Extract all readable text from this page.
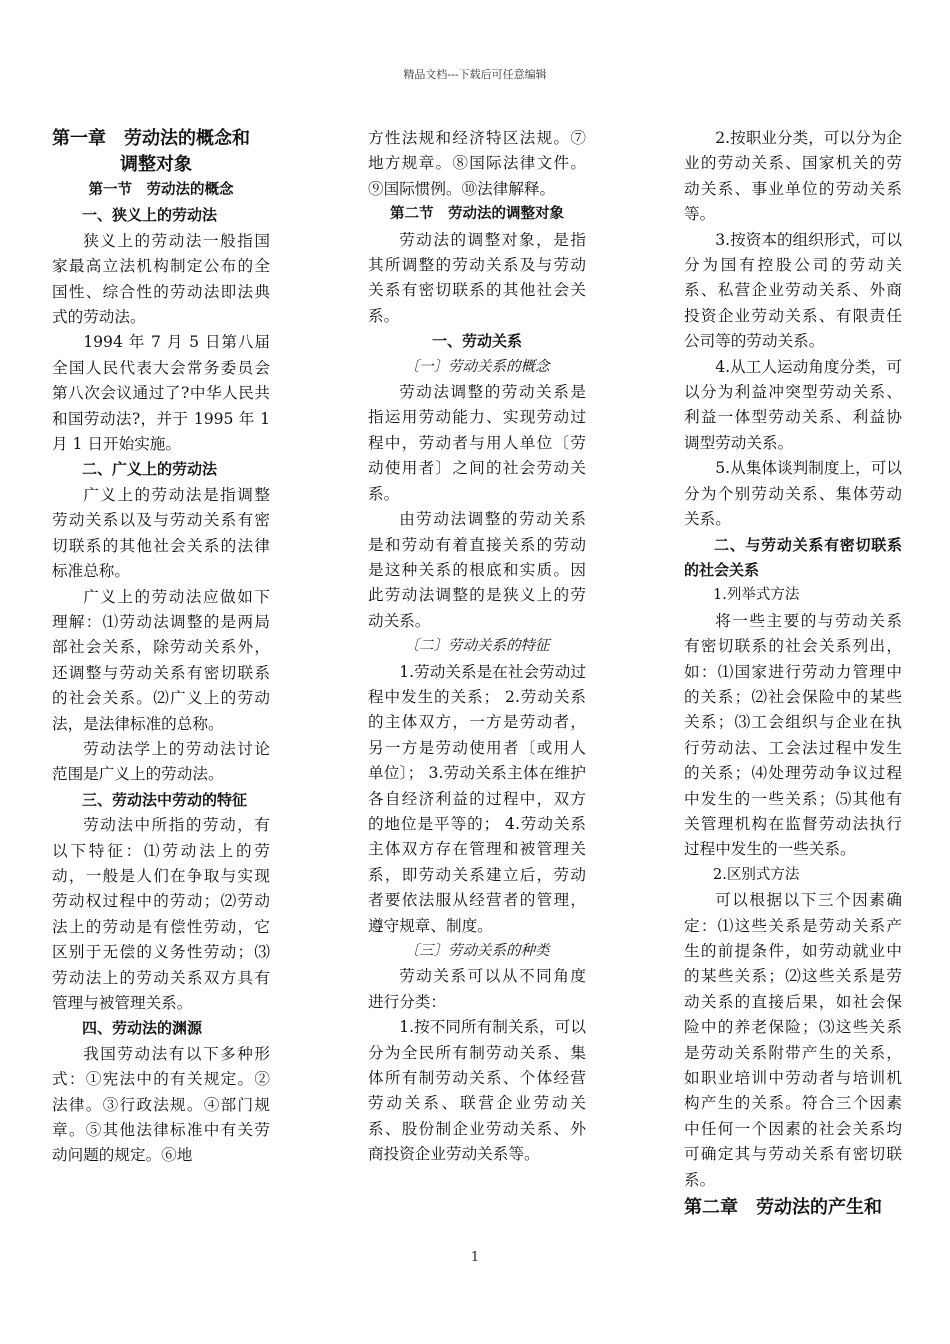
精品文档---下载后可任意编辑
第一章　劳动法的概念和
调整对象
第一节　劳动法的概念
一、狭义上的劳动法

狭义上的劳动法一般指国家最高立法机构制定公布的全国性、综合性的劳动法即法典式的劳动法。

1994 年 7 月 5 日第八届全国人民代表大会常务委员会第八次会议通过了?中华人民共和国劳动法?，并于 1995 年 1 月 1 日开始实施。

二、广义上的劳动法

广义上的劳动法是指调整劳动关系以及与劳动关系有密切联系的其他社会关系的法律标准总称。

广义上的劳动法应做如下理解：⑴劳动法调整的是两局部社会关系，除劳动关系外，还调整与劳动关系有密切联系的社会关系。⑵广义上的劳动法，是法律标准的总称。

劳动法学上的劳动法讨论范围是广义上的劳动法。

三、劳动法中劳动的特征

劳动法中所指的劳动，有以下特征：⑴劳动法上的劳动，一般是人们在争取与实现劳动权过程中的劳动；⑵劳动法上的劳动是有偿性劳动，它区别于无偿的义务性劳动；⑶劳动法上的劳动关系双方具有管理与被管理关系。

四、劳动法的渊源

我国劳动法有以下多种形式：①宪法中的有关规定。②法律。③行政法规。④部门规章。⑤其他法律标准中有关劳动问题的规定。⑥地

方性法规和经济特区法规。⑦地方规章。⑧国际法律文件。⑨国际惯例。⑩法律解释。

第二节　劳动法的调整对象

劳动法的调整对象，是指其所调整的劳动关系及与劳动关系有密切联系的其他社会关系。

一、劳动关系
〔一〕劳动关系的概念

劳动法调整的劳动关系是指运用劳动能力、实现劳动过程中，劳动者与用人单位〔劳动使用者〕之间的社会劳动关系。

由劳动法调整的劳动关系是和劳动有着直接关系的劳动是这种关系的根底和实质。因此劳动法调整的是狭义上的劳动关系。

〔二〕劳动关系的特征

1.劳动关系是在社会劳动过程中发生的关系； 2.劳动关系的主体双方，一方是劳动者，另一方是劳动使用者〔或用人单位〕； 3.劳动关系主体在维护各自经济利益的过程中，双方的地位是平等的； 4.劳动关系主体双方存在管理和被管理关系，即劳动关系建立后，劳动者要依法服从经营者的管理，遵守规章、制度。

〔三〕劳动关系的种类

劳动关系可以从不同角度进行分类：

1.按不同所有制关系，可以分为全民所有制劳动关系、集体所有制劳动关系、个体经营劳动关系、联营企业劳动关系、股份制企业劳动关系、外商投资企业劳动关系等。

2.按职业分类，可以分为企业的劳动关系、国家机关的劳动关系、事业单位的劳动关系等。

3.按资本的组织形式，可以分为国有控股公司的劳动关系、私营企业劳动关系、外商投资企业劳动关系、有限责任公司等的劳动关系。

4.从工人运动角度分类，可以分为利益冲突型劳动关系、利益一体型劳动关系、利益协调型劳动关系。

5.从集体谈判制度上，可以分为个别劳动关系、集体劳动关系。

二、与劳动关系有密切联系的社会关系
1.列举式方法

将一些主要的与劳动关系有密切联系的社会关系列出，如：⑴国家进行劳动力管理中的关系；⑵社会保险中的某些关系；⑶工会组织与企业在执行劳动法、工会法过程中发生的关系；⑷处理劳动争议过程中发生的一些关系；⑸其他有关管理机构在监督劳动法执行过程中发生的一些关系。

2.区别式方法

可以根据以下三个因素确定：⑴这些关系是劳动关系产生的前提条件，如劳动就业中的某些关系；⑵这些关系是劳动关系的直接后果，如社会保险中的养老保险；⑶这些关系是劳动关系附带产生的关系，如职业培训中劳动者与培训机构产生的关系。符合三个因素中任何一个因素的社会关系均可确定其与劳动关系有密切联系。

第二章　劳动法的产生和
1
